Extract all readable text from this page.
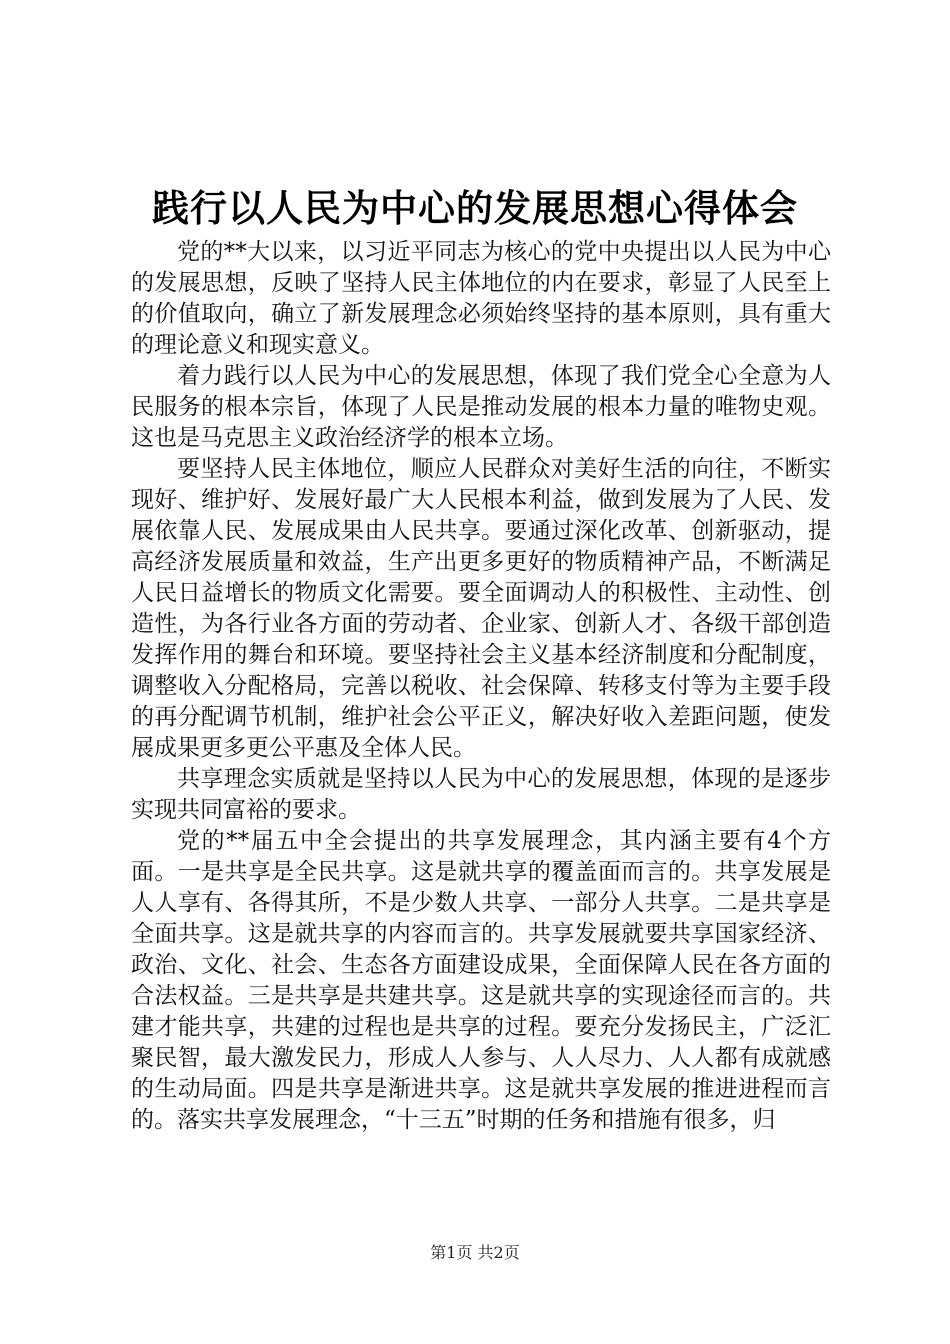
践行以人民为中心的发展思想心得体会

党的**大以来，以习近平同志为核心的党中央提出以人民为中心的发展思想，反映了坚持人民主体地位的内在要求，彰显了人民至上的价值取向，确立了新发展理念必须始终坚持的基本原则，具有重大的理论意义和现实意义。

着力践行以人民为中心的发展思想，体现了我们党全心全意为人民服务的根本宗旨，体现了人民是推动发展的根本力量的唯物史观。这也是马克思主义政治经济学的根本立场。

要坚持人民主体地位，顺应人民群众对美好生活的向往，不断实现好、维护好、发展好最广大人民根本利益，做到发展为了人民、发展依靠人民、发展成果由人民共享。要通过深化改革、创新驱动，提高经济发展质量和效益，生产出更多更好的物质精神产品，不断满足人民日益增长的物质文化需要。要全面调动人的积极性、主动性、创造性，为各行业各方面的劳动者、企业家、创新人才、各级干部创造发挥作用的舞台和环境。要坚持社会主义基本经济制度和分配制度，调整收入分配格局，完善以税收、社会保障、转移支付等为主要手段的再分配调节机制，维护社会公平正义，解决好收入差距问题，使发展成果更多更公平惠及全体人民。

共享理念实质就是坚持以人民为中心的发展思想，体现的是逐步实现共同富裕的要求。

党的**届五中全会提出的共享发展理念，其内涵主要有4个方面。一是共享是全民共享。这是就共享的覆盖面而言的。共享发展是人人享有、各得其所，不是少数人共享、一部分人共享。二是共享是全面共享。这是就共享的内容而言的。共享发展就要共享国家经济、政治、文化、社会、生态各方面建设成果，全面保障人民在各方面的合法权益。三是共享是共建共享。这是就共享的实现途径而言的。共建才能共享，共建的过程也是共享的过程。要充分发扬民主，广泛汇聚民智，最大激发民力，形成人人参与、人人尽力、人人都有成就感的生动局面。四是共享是渐进共享。这是就共享发展的推进进程而言的。落实共享发展理念，“十三五”时期的任务和措施有很多，归

第1页 共2页
